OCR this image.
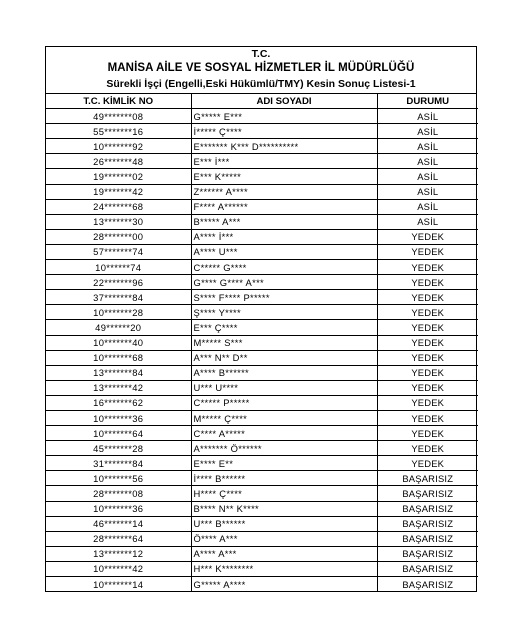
T.C.
MANİSA AİLE VE SOSYAL HİZMETLER İL MÜDÜRLÜĞÜ
Sürekli İşçi (Engelli,Eski Hükümlü/TMY) Kesin Sonuç Listesi-1
T.C. KİMLİK NO	ADI SOYADI	DURUMU
49*******08	G***** E***	ASİL
55*******16	İ***** Ç****	ASİL
10*******92	E******* K*** D**********	ASİL
26*******48	E*** İ***	ASİL
19*******02	E*** K*****	ASİL
19*******42	Z****** A****	ASİL
24*******68	F**** A******	ASİL
13*******30	B***** A***	ASİL
28*******00	A**** İ***	YEDEK
57*******74	A**** U***	YEDEK
10******74	C***** G****	YEDEK
22*******96	G**** G**** A***	YEDEK
37*******84	S**** F**** P*****	YEDEK
10*******28	Ş**** Y****	YEDEK
49******20	E*** Ç****	YEDEK
10*******40	M***** S***	YEDEK
10*******68	A*** N** D**	YEDEK
13*******84	A**** B******	YEDEK
13*******42	U*** U****	YEDEK
16*******62	C***** P*****	YEDEK
10*******36	M***** Ç****	YEDEK
10*******64	C**** A*****	YEDEK
45*******28	A******* Ö******	YEDEK
31*******84	E**** E**	YEDEK
10*******56	İ**** B******	BAŞARISIZ
28*******08	H**** Ç****	BAŞARISIZ
10*******36	B**** N** K****	BAŞARISIZ
46*******14	U*** B******	BAŞARISIZ
28*******64	Ö**** A***	BAŞARISIZ
13*******12	A**** A***	BAŞARISIZ
10*******42	H*** K********	BAŞARISIZ
10*******14	G***** A****	BAŞARISIZ
